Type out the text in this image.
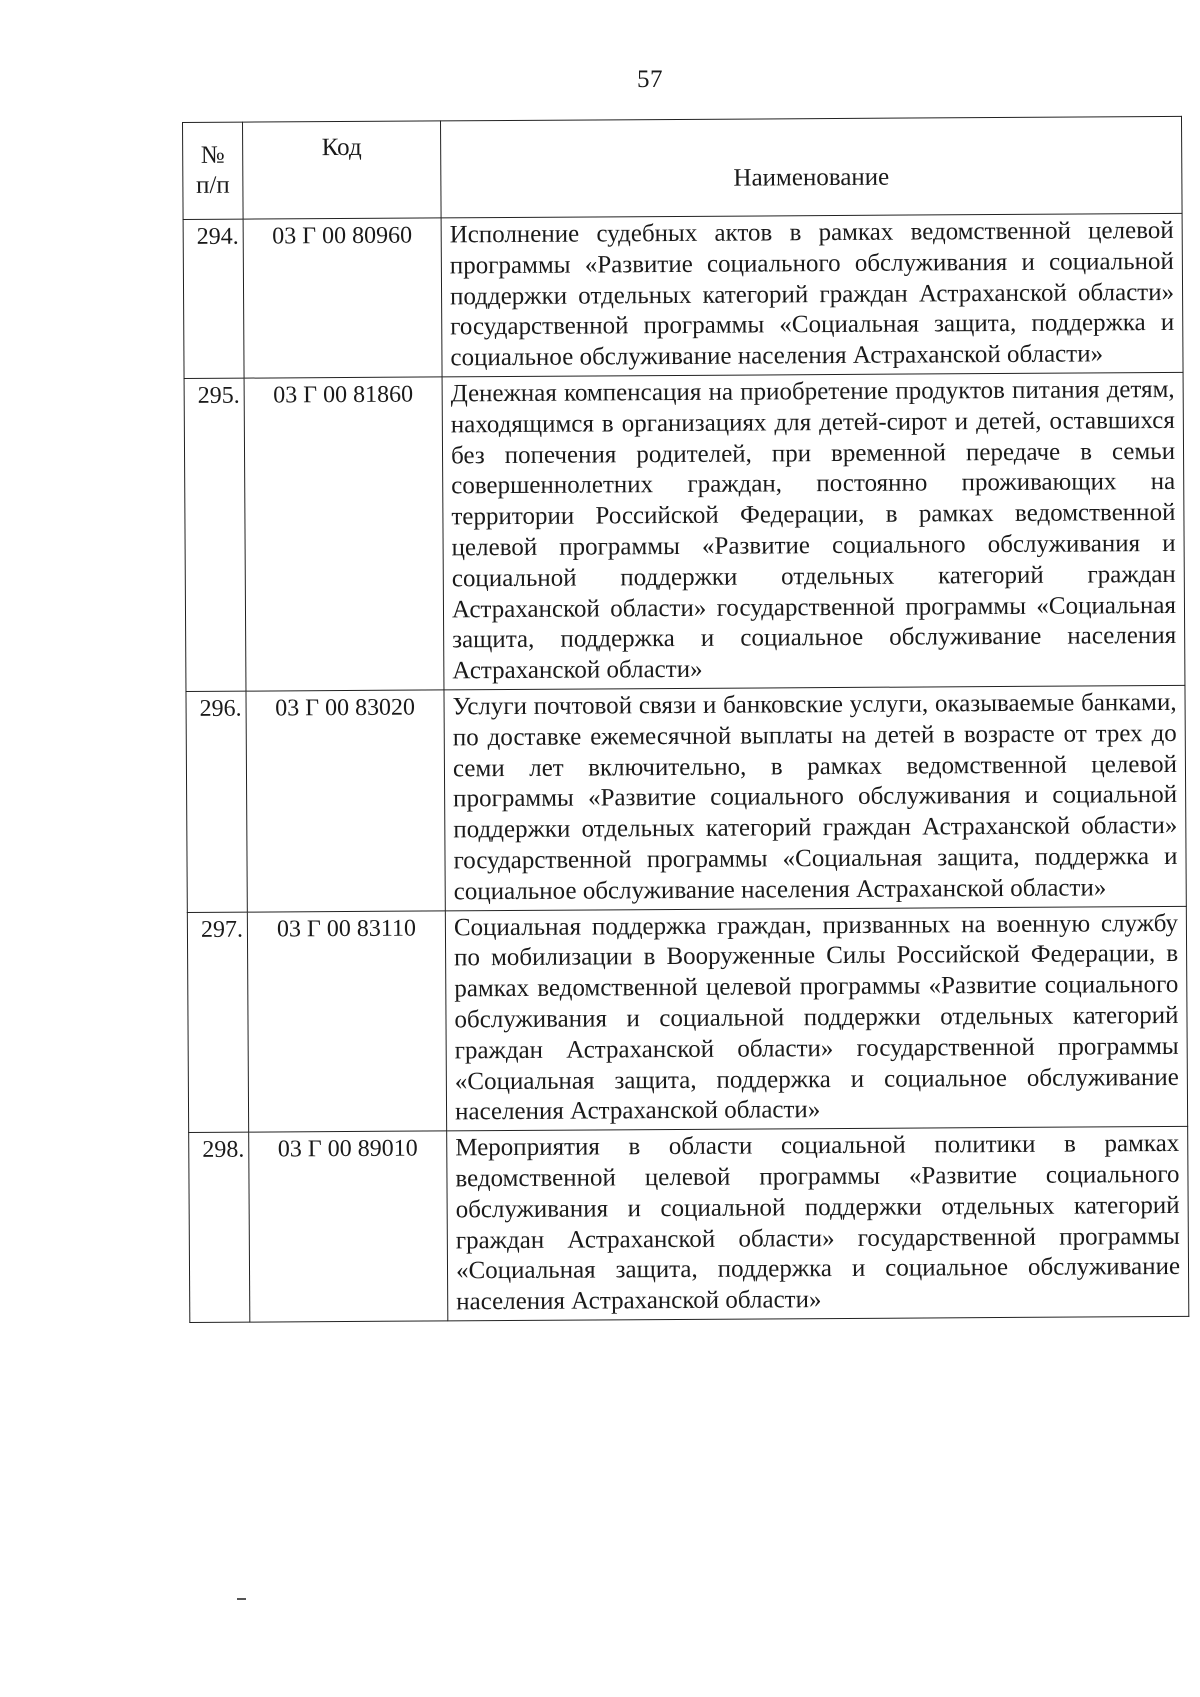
57
№
п/п	Код	Наименование
294.	03 Г 00 80960	Исполнение судебных актов в рамках ведомственной целевой программы «Развитие социального обслуживания и социальной поддержки отдельных категорий граждан Астраханской области» государственной программы «Социальная защита, поддержка и социальное обслуживание населения Астраханской области»
295.	03 Г 00 81860	Денежная компенсация на приобретение продуктов питания детям, находящимся в организациях для детей-сирот и детей, оставшихся без попечения родителей, при временной передаче в семьи совершеннолетних граждан, постоянно проживающих на территории Российской Федерации, в рамках ведомственной целевой программы «Развитие социального обслуживания и социальной поддержки отдельных категорий граждан Астраханской области» государственной программы «Социальная защита, поддержка и социальное обслуживание населения Астраханской области»
296.	03 Г 00 83020	Услуги почтовой связи и банковские услуги, оказываемые банками, по доставке ежемесячной выплаты на детей в возрасте от трех до семи лет включительно, в рамках ведомственной целевой программы «Развитие социального обслуживания и социальной поддержки отдельных категорий граждан Астраханской области» государственной программы «Социальная защита, поддержка и социальное обслуживание населения Астраханской области»
297.	03 Г 00 83110	Социальная поддержка граждан, призванных на военную службу по мобилизации в Вооруженные Силы Российской Федерации, в рамках ведомственной целевой программы «Развитие социального обслуживания и социальной поддержки отдельных категорий граждан Астраханской области» государственной программы «Социальная защита, поддержка и социальное обслуживание населения Астраханской области»
298.	03 Г 00 89010	Мероприятия в области социальной политики в рамках ведомственной целевой программы «Развитие социального обслуживания и социальной поддержки отдельных категорий граждан Астраханской области» государственной программы «Социальная защита, поддержка и социальное обслуживание населения Астраханской области»
